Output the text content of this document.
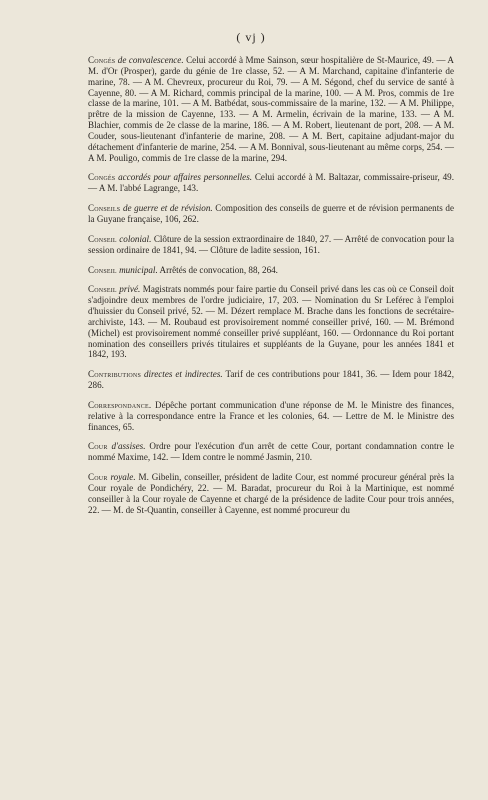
( vj )
Congés de convalescence. Celui accordé à Mme Sainson, sœur hospitalière de St-Maurice, 49. — A M. d'Or (Prosper), garde du génie de 1re classe, 52. — A M. Marchand, capitaine d'infanterie de marine, 78. — A M. Chevreux, procureur du Roi, 79. — A M. Ségond, chef du service de santé à Cayenne, 80. — A M. Richard, commis principal de la marine, 100. — A M. Pros, commis de 1re classe de la marine, 101. — A M. Batbédat, sous-commissaire de la marine, 132. — A M. Philippe, prêtre de la mission de Cayenne, 133. — A M. Armelin, écrivain de la marine, 133. — A M. Blachier, commis de 2e classe de la marine, 186. — A M. Robert, lieutenant de port, 208. — A M. Couder, sous-lieutenant d'infanterie de marine, 208. — A M. Bert, capitaine adjudant-major du détachement d'infanterie de marine, 254. — A M. Bonnival, sous-lieutenant au même corps, 254. — A M. Pouligo, commis de 1re classe de la marine, 294.
Congés accordés pour affaires personnelles. Celui accordé à M. Baltazar, commissaire-priseur, 49. — A M. l'abbé Lagrange, 143.
Conseils de guerre et de révision. Composition des conseils de guerre et de révision permanents de la Guyane française, 106, 262.
Conseil colonial. Clôture de la session extraordinaire de 1840, 27. — Arrêté de convocation pour la session ordinaire de 1841, 94. — Clôture de ladite session, 161.
Conseil municipal. Arrêtés de convocation, 88, 264.
Conseil privé. Magistrats nommés pour faire partie du Conseil privé dans les cas où ce Conseil doit s'adjoindre deux membres de l'ordre judiciaire, 17, 203. — Nomination du Sr Leférec à l'emploi d'huissier du Conseil privé, 52. — M. Dézert remplace M. Brache dans les fonctions de secrétaire-archiviste, 143. — M. Roubaud est provisoirement nommé conseiller privé, 160. — M. Brémond (Michel) est provisoirement nommé conseiller privé suppléant, 160. — Ordonnance du Roi portant nomination des conseillers privés titulaires et suppléants de la Guyane, pour les années 1841 et 1842, 193.
Contributions directes et indirectes. Tarif de ces contributions pour 1841, 36. — Idem pour 1842, 286.
Correspondance. Dépêche portant communication d'une réponse de M. le Ministre des finances, relative à la correspondance entre la France et les colonies, 64. — Lettre de M. le Ministre des finances, 65.
Cour d'assises. Ordre pour l'exécution d'un arrêt de cette Cour, portant condamnation contre le nommé Maxime, 142. — Idem contre le nommé Jasmin, 210.
Cour royale. M. Gibelin, conseiller, président de ladite Cour, est nommé procureur général près la Cour royale de Pondichéry, 22. — M. Baradat, procureur du Roi à la Martinique, est nommé conseiller à la Cour royale de Cayenne et chargé de la présidence de ladite Cour pour trois années, 22. — M. de St-Quantin, conseiller à Cayenne, est nommé procureur du
